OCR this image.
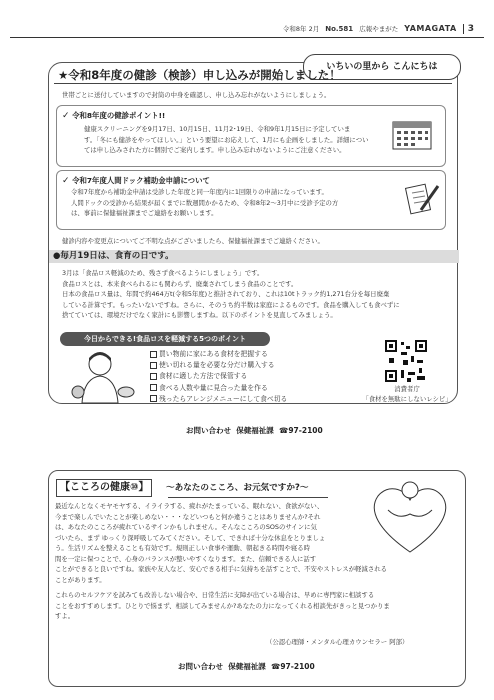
令和8年 2月 No.581 広報やまがた YAMAGATA	3
いちいの里から こんにちは
★令和8年度の健診（検診）申し込みが開始しました！
世帯ごとに送付していますので封筒の中身を確認し、申し込み忘れがないようにしましょう。
✓ 令和8年度の健診ポイント!!
健康スクリーニングを9月17日、10月15日、11月2･19日、令和9年1月15日に予定していま
す。「冬にも健診をやってほしい。」という要望にお応えして、1月にも企画をしました。詳細につい
ては申し込みされた方に個別でご案内します。申し込み忘れがないようにご注意ください。
✓ 令和7年度人間ドック補助金申請について
令和7年度から補助金申請は受診した年度と同一年度内に1回限りの申請になっています。
人間ドックの受診から結果が届くまでに数週間かかるため、令和8年2～3月中に受診予定の方
は、事前に保健福祉課までご連絡をお願いします。
健診内容や変更点についてご不明な点がございましたら、保健福祉課までご連絡ください。
●毎月19日は、食育の日です。
3月は「食品ロス軽減のため、残さず食べるようにしましょう」です。
食品ロスとは、本来食べられるにも関わらず、廃棄されてしまう食品のことです。
日本の食品ロス量は、年間で約464万t(令和5年度)と推計されており、これは10tトラック約1,271台分を毎日廃棄
している計算です。もったいないですね。さらに、そのうち約半数は家庭によるものです。食品を購入しても食べずに
捨てていては、環境だけでなく家計にも影響しますね。以下のポイントを見直してみましょう。
今日からできる!食品ロスを軽減する5つのポイント
買い物前に家にある食材を把握する
使い切れる量を必要な分だけ購入する
食材に適した方法で保管する
食べる人数や量に見合った量を作る
残ったらアレンジメニューにして食べ切る
消費者庁
「食材を無駄にしないレシピ」
お問い合わせ 保健福祉課 ☎97-2100
【こころの健康⑩】	～あなたのこころ、お元気ですか?～
最近なんとなくモヤモヤする、イライラする、疲れがたまっている、眠れない、食欲がない、
今まで楽しんでいたことが楽しめない・・・などいつもと何か違うことはありませんか?それ
は、あなたのこころが疲れているサインかもしれません。そんなこころのSOSのサインに気
づいたら、まず ゆっくり深呼吸してみてください。そして、できれば十分な休息をとりましょ
う。生活リズムを整えることも有効です。規則正しい食事や運動、朝起きる時間や寝る時
間を一定に保つことで、心身のバランスが整いやすくなります。また、信頼できる人に話す
ことができると良いですね。家族や友人など、安心できる相手に気持ちを話すことで、不安やストレスが軽減される
ことがあります。
これらのセルフケアを試みても改善しない場合や、日常生活に支障が出ている場合は、早めに専門家に相談する
ことをおすすめします。ひとりで悩まず、相談してみませんか?あなたの力になってくれる相談先がきっと見つかりま
すよ。
（公認心理師・メンタル心理カウンセラー 阿部）
お問い合わせ 保健福祉課 ☎97-2100
